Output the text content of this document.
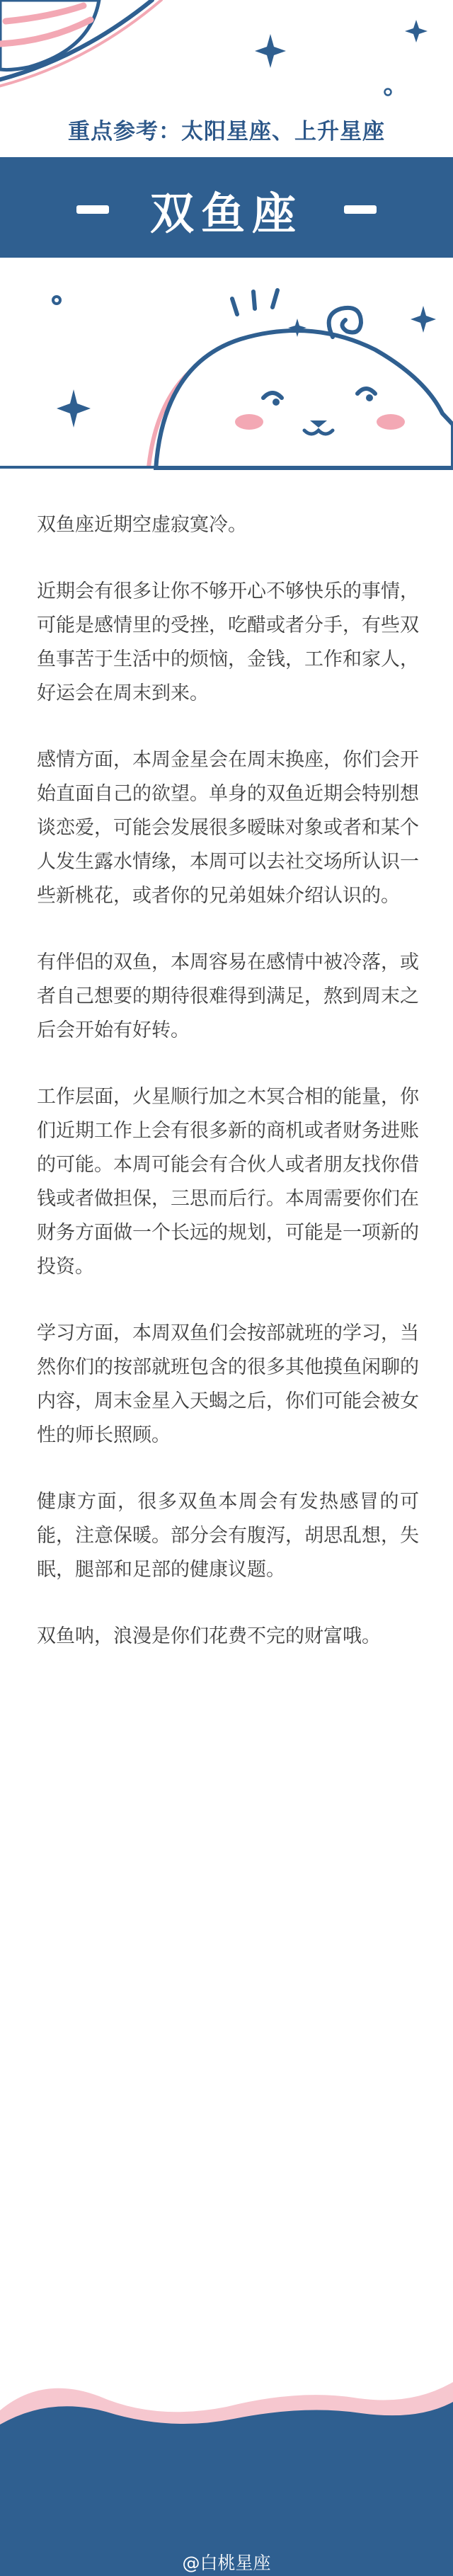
重点参考：太阳星座、上升星座
双鱼座

双鱼座近期空虚寂寞冷。

近期会有很多让你不够开心不够快乐的事情，可能是感情里的受挫，吃醋或者分手，有些双鱼事苦于生活中的烦恼，金钱，工作和家人，好运会在周末到来。

感情方面，本周金星会在周末换座，你们会开始直面自己的欲望。单身的双鱼近期会特别想谈恋爱，可能会发展很多暧昧对象或者和某个人发生露水情缘，本周可以去社交场所认识一些新桃花，或者你的兄弟姐妹介绍认识的。

有伴侣的双鱼，本周容易在感情中被冷落，或者自己想要的期待很难得到满足，熬到周末之后会开始有好转。

工作层面，火星顺行加之木冥合相的能量，你们近期工作上会有很多新的商机或者财务进账的可能。本周可能会有合伙人或者朋友找你借钱或者做担保，三思而后行。本周需要你们在财务方面做一个长远的规划，可能是一项新的投资。

学习方面，本周双鱼们会按部就班的学习，当然你们的按部就班包含的很多其他摸鱼闲聊的内容，周末金星入天蝎之后，你们可能会被女性的师长照顾。

健康方面，很多双鱼本周会有发热感冒的可能，注意保暖。部分会有腹泻，胡思乱想，失眠，腿部和足部的健康议题。

双鱼呐，浪漫是你们花费不完的财富哦。

@白桃星座
